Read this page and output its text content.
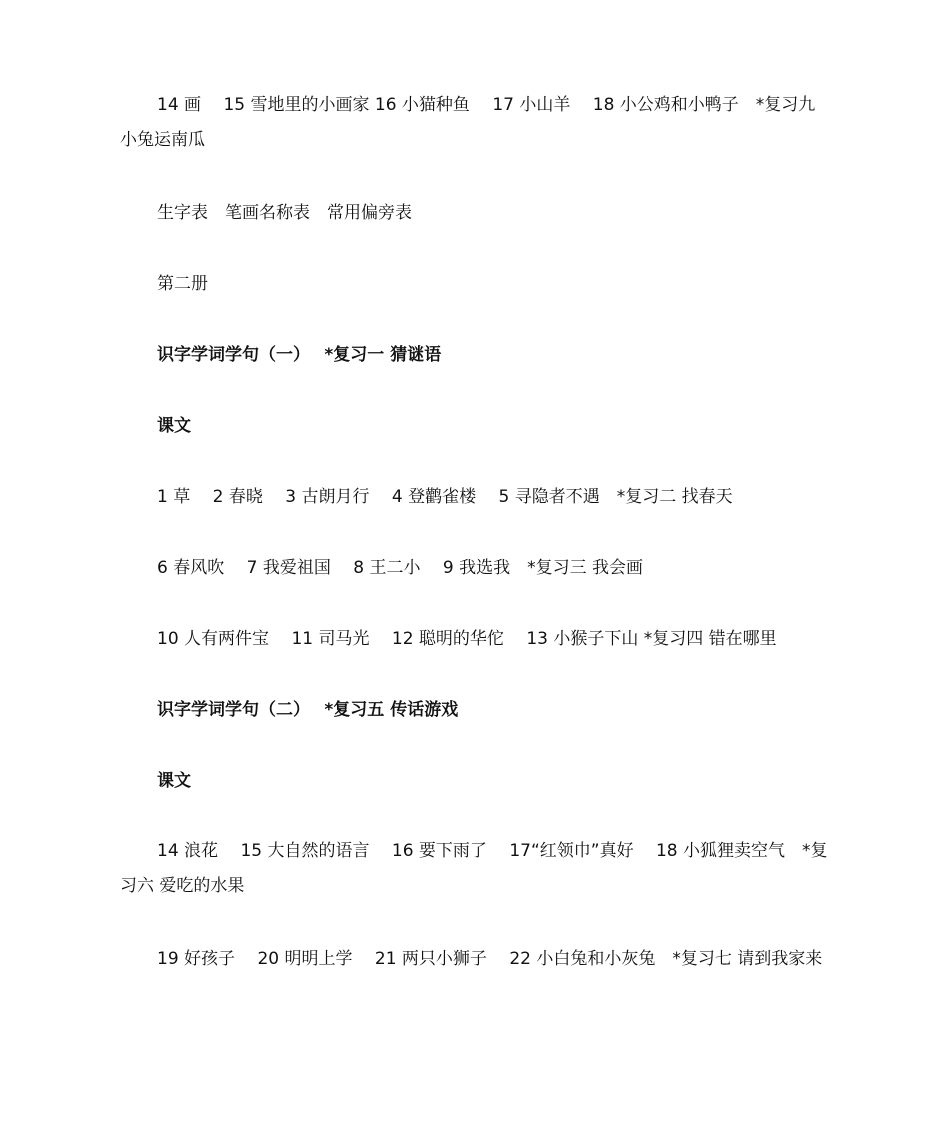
14 画　 15 雪地里的小画家 16 小猫种鱼　 17 小山羊　 18 小公鸡和小鸭子　*复习九 小兔运南瓜

生字表　笔画名称表　常用偏旁表

第二册

识字学词学句（一）　 *复习一 猜谜语

课文

1 草　 2 春晓　 3 古朗月行　 4 登鹳雀楼　 5 寻隐者不遇　*复习二 找春天

6 春风吹　 7 我爱祖国　 8 王二小　 9 我选我　*复习三 我会画

10 人有两件宝　 11 司马光　 12 聪明的华佗　 13 小猴子下山 *复习四 错在哪里

识字学词学句（二）　 *复习五 传话游戏

课文

14 浪花　 15 大自然的语言　 16 要下雨了　 17“红领巾”真好　 18 小狐狸卖空气　*复习六 爱吃的水果

19 好孩子　 20 明明上学　 21 两只小狮子　 22 小白兔和小灰兔　*复习七 请到我家来
